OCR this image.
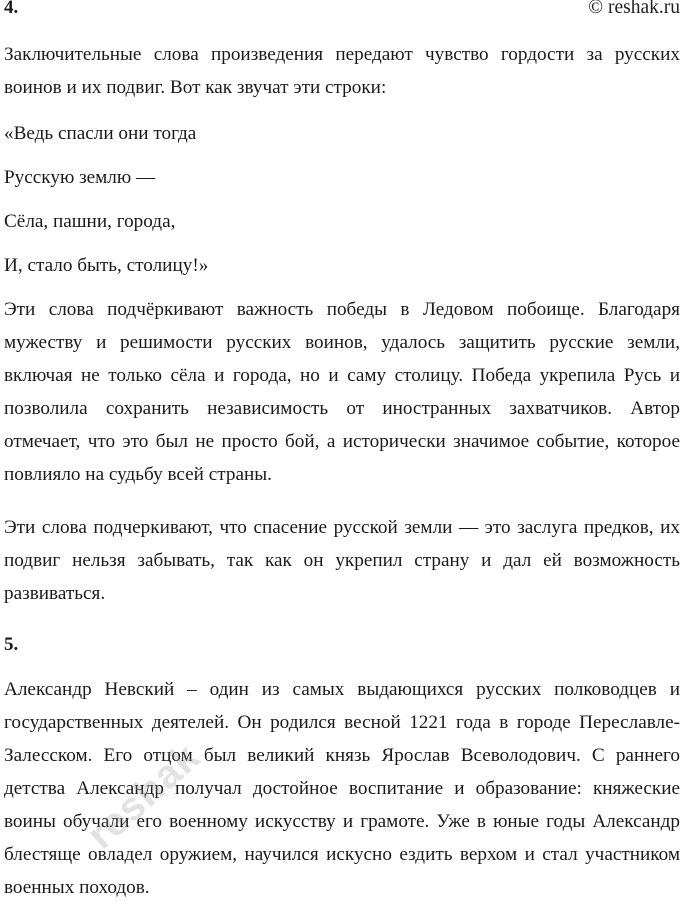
4.	© reshak.ru

Заключительные слова произведения передают чувство гордости за русских воинов и их подвиг. Вот как звучат эти строки:

«Ведь спасли они тогда
Русскую землю —
Сёла, пашни, города,
И, стало быть, столицу!»

Эти слова подчёркивают важность победы в Ледовом побоище. Благодаря мужеству и решимости русских воинов, удалось защитить русские земли, включая не только сёла и города, но и саму столицу. Победа укрепила Русь и позволила сохранить независимость от иностранных захватчиков. Автор отмечает, что это был не просто бой, а исторически значимое событие, которое повлияло на судьбу всей страны.

Эти слова подчеркивают, что спасение русской земли — это заслуга предков, их подвиг нельзя забывать, так как он укрепил страну и дал ей возможность развиваться.

5.

Александр Невский – один из самых выдающихся русских полководцев и государственных деятелей. Он родился весной 1221 года в городе Переславле-Залесском. Его отцом был великий князь Ярослав Всеволодович. С раннего детства Александр получал достойное воспитание и образование: княжеские воины обучали его военному искусству и грамоте. Уже в юные годы Александр блестяще овладел оружием, научился искусно ездить верхом и стал участником военных походов.

reshak
